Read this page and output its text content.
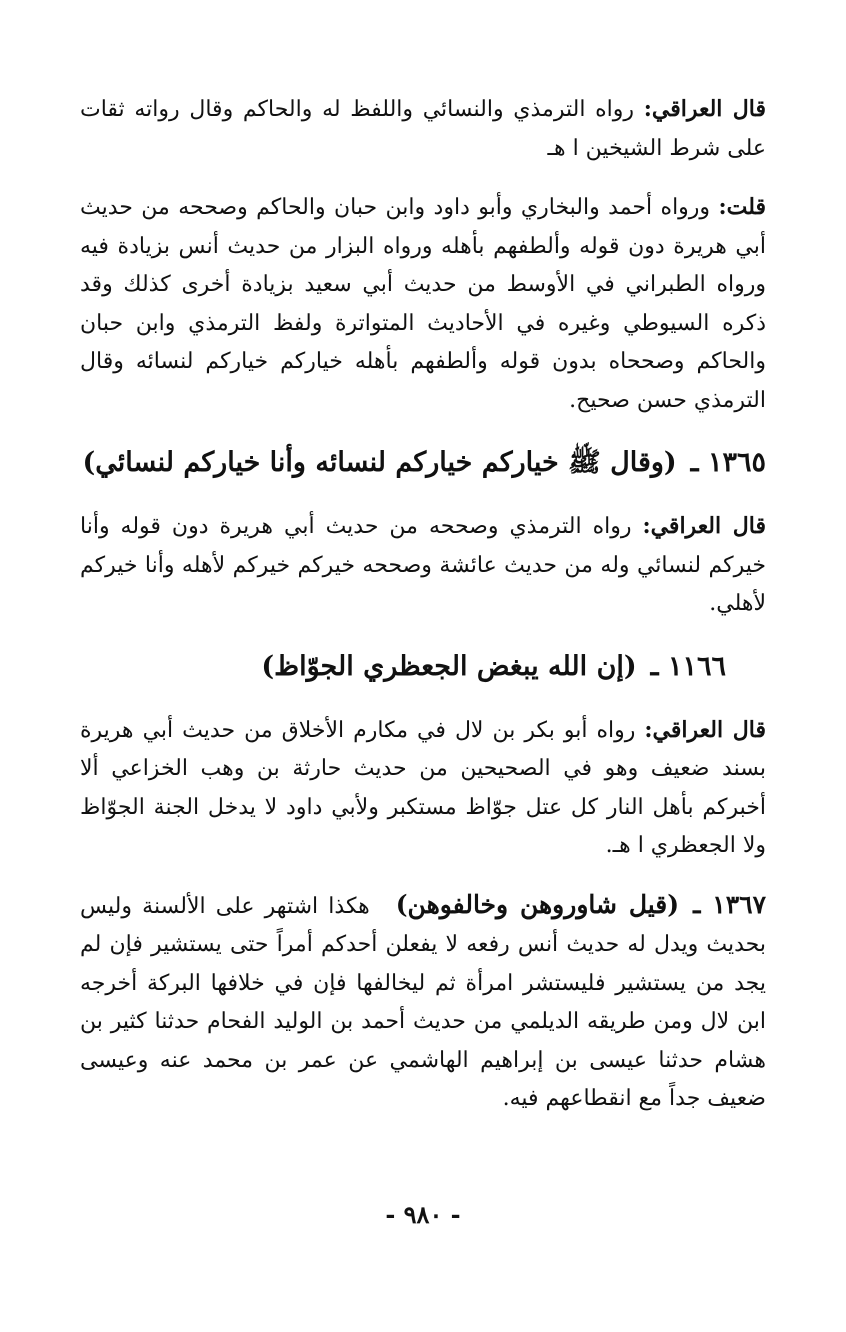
قال العراقي: رواه الترمذي والنسائي واللفظ له والحاكم وقال رواته ثقات على شرط الشيخين ا هـ

قلت: ورواه أحمد والبخاري وأبو داود وابن حبان والحاكم وصححه من حديث أبي هريرة دون قوله وألطفهم بأهله ورواه البزار من حديث أنس بزيادة فيه ورواه الطبراني في الأوسط من حديث أبي سعيد بزيادة أخرى كذلك وقد ذكره السيوطي وغيره في الأحاديث المتواترة ولفظ الترمذي وابن حبان والحاكم وصححاه بدون قوله وألطفهم بأهله خياركم خياركم لنسائه وقال الترمذي حسن صحيح.

١٣٦٥ ـ(وقال ﷺ خياركم خياركم لنسائه وأنا خياركم لنسائي)

قال العراقي: رواه الترمذي وصححه من حديث أبي هريرة دون قوله وأنا خيركم لنسائي وله من حديث عائشة وصححه خيركم خيركم لأهله وأنا خيركم لأهلي.

١١٦٦ ـ(إن الله يبغض الجعظري الجوّاظ)

قال العراقي: رواه أبو بكر بن لال في مكارم الأخلاق من حديث أبي هريرة بسند ضعيف وهو في الصحيحين من حديث حارثة بن وهب الخزاعي ألا أخبركم بأهل النار كل عتل جوّاظ مستكبر ولأبي داود لا يدخل الجنة الجوّاظ ولا الجعظري ا هـ.

١٣٦٧ ـ(قيل شاوروهن وخالفوهن)هكذا اشتهر على الألسنة وليس بحديث ويدل له حديث أنس رفعه لا يفعلن أحدكم أمراً حتى يستشير فإن لم يجد من يستشير فليستشر امرأة ثم ليخالفها فإن في خلافها البركة أخرجه ابن لال ومن طريقه الديلمي من حديث أحمد بن الوليد الفحام حدثنا كثير بن هشام حدثنا عيسى بن إبراهيم الهاشمي عن عمر بن محمد عنه وعيسى ضعيف جداً مع انقطاعهم فيه.

- ٩٨٠ -
